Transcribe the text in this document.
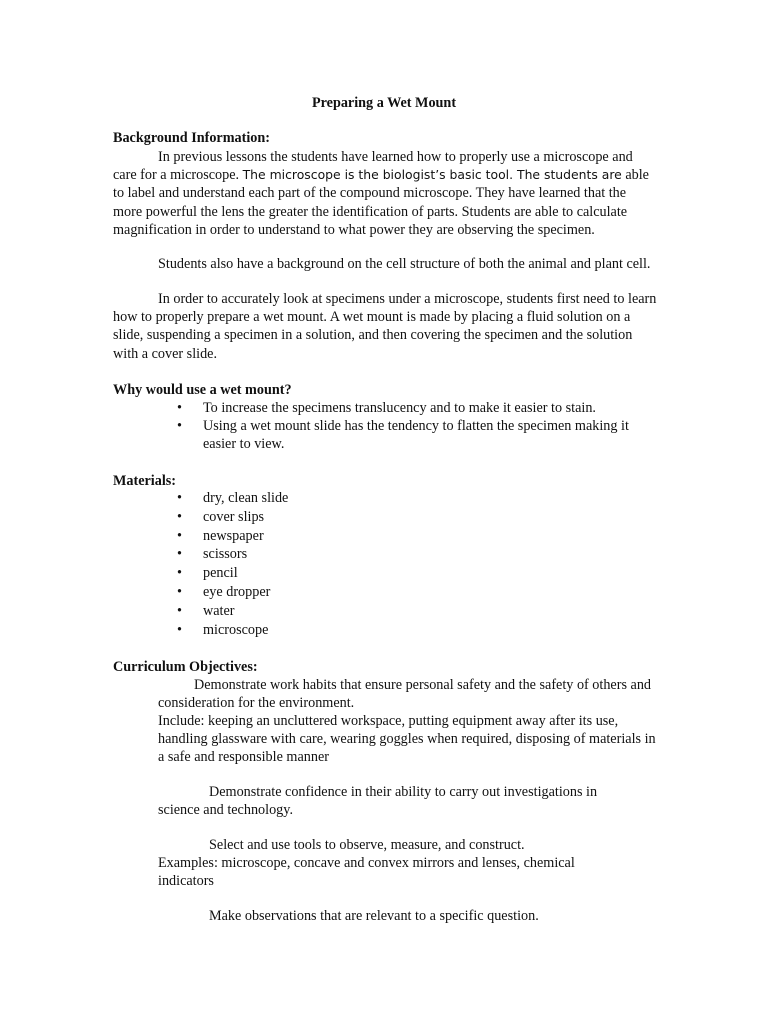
Preparing a Wet Mount
Background Information:
In previous lessons the students have learned how to properly use a microscope and care for a microscope. The microscope is the biologist’s basic tool. The students are able to label and understand each part of the compound microscope. They have learned that the more powerful the lens the greater the identification of parts. Students are able to calculate magnification in order to understand to what power they are observing the specimen.
Students also have a background on the cell structure of both the animal and plant cell.
In order to accurately look at specimens under a microscope, students first need to learn how to properly prepare a wet mount. A wet mount is made by placing a fluid solution on a slide, suspending a specimen in a solution, and then covering the specimen and the solution with a cover slide.
Why would use a wet mount?
• To increase the specimens translucency and to make it easier to stain.
• Using a wet mount slide has the tendency to flatten the specimen making it easier to view.
Materials:
• dry, clean slide
• cover slips
• newspaper
• scissors
• pencil
• eye dropper
• water
• microscope
Curriculum Objectives:
Demonstrate work habits that ensure personal safety and the safety of others and consideration for the environment.
Include: keeping an uncluttered workspace, putting equipment away after its use, handling glassware with care, wearing goggles when required, disposing of materials in a safe and responsible manner
Demonstrate confidence in their ability to carry out investigations in science and technology.
Select and use tools to observe, measure, and construct.
Examples: microscope, concave and convex mirrors and lenses, chemical indicators
Make observations that are relevant to a specific question.
